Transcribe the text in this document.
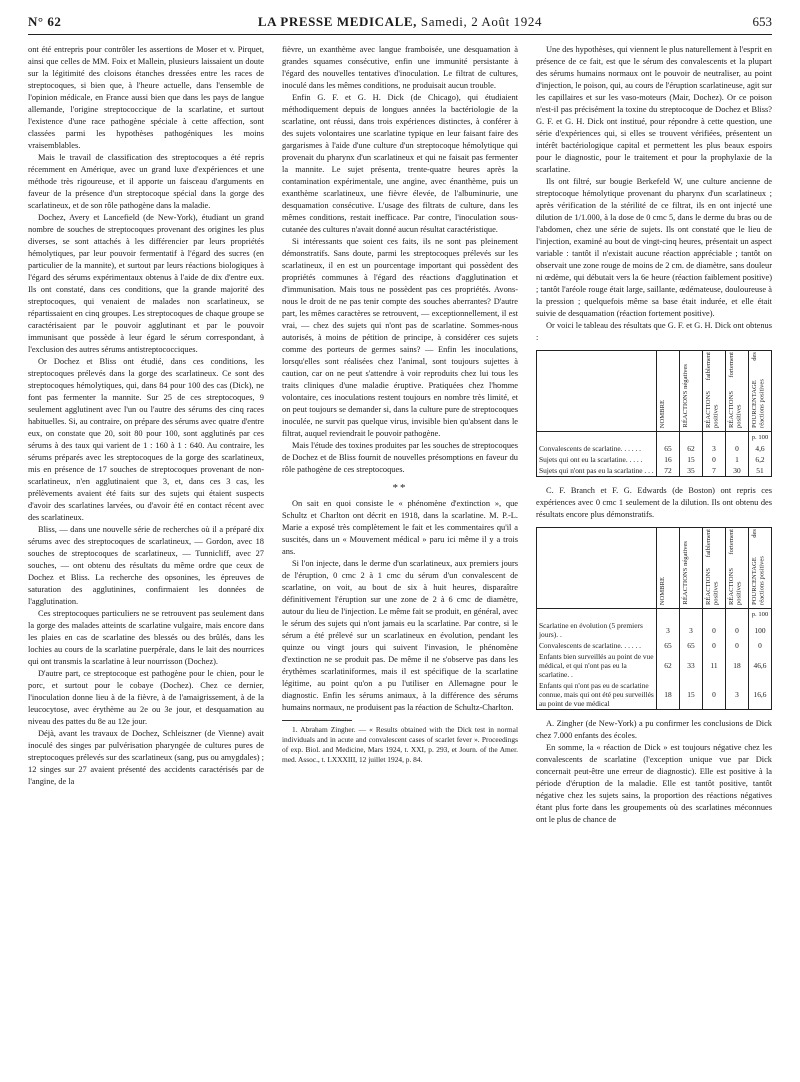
N° 62	LA PRESSE MEDICALE, Samedi, 2 Août 1924	653

ont été entrepris pour contrôler les assertions de Moser et v. Pirquet, ainsi que celles de MM. Foix et Mallein, plusieurs laissaient un doute sur la légitimité des cloisons étanches dressées entre les races de streptocoques, si bien que, à l'heure actuelle, dans l'ensemble de l'opinion médicale, en France aussi bien que dans les pays de langue allemande, l'origine streptococcique de la scarlatine, et surtout l'existence d'une race pathogène spéciale à cette affection, sont classées parmi les hypothèses pathogéniques les moins vraisemblables.

Mais le travail de classification des streptocoques a été repris récemment en Amérique, avec un grand luxe d'expériences et une méthode très rigoureuse, et il apporte un faisceau d'arguments en faveur de la présence d'un streptocoque spécial dans la gorge des scarlatineux, et de son rôle pathogène dans la maladie.

Dochez, Avery et Lancefield (de New-York), étudiant un grand nombre de souches de streptocoques provenant des origines les plus diverses, se sont attachés à les différencier par leurs propriétés hémolytiques, par leur pouvoir fermentatif à l'égard des sucres (en particulier de la mannite), et surtout par leurs réactions biologiques à l'égard des sérums expérimentaux obtenus à l'aide de dix d'entre eux. Ils ont constaté, dans ces conditions, que la grande majorité des streptocoques, qui venaient de malades non scarlatineux, se répartissaient en cinq groupes. Les streptocoques de chaque groupe se caractérisaient par le pouvoir agglutinant et par le pouvoir immunisant que possède à leur égard le sérum correspondant, à l'exclusion des autres sérums antistreptococciques.

Or Dochez et Bliss ont étudié, dans ces conditions, les streptocoques prélevés dans la gorge des scarlatineux. Ce sont des streptocoques hémolytiques, qui, dans 84 pour 100 des cas (Dick), ne font pas fermenter la mannite. Sur 25 de ces streptocoques, 9 seulement agglutinent avec l'un ou l'autre des sérums des cinq races habituelles. Si, au contraire, on prépare des sérums avec quatre d'entre eux, on constate que 20, soit 80 pour 100, sont agglutinés par ces sérums à des taux qui varient de 1 : 160 à 1 : 640. Au contraire, les sérums préparés avec les streptocoques de la gorge des scarlatineux, mis en présence de 17 souches de streptocoques provenant de non-scarlatineux, n'en agglutinaient que 3, et, dans ces 3 cas, les prélèvements avaient été faits sur des sujets qui étaient suspects d'avoir des scarlatines larvées, ou d'avoir été en contact récent avec des scarlatineux.

Bliss, — dans une nouvelle série de recherches où il a préparé dix sérums avec des streptocoques de scarlatineux, — Gordon, avec 18 souches de streptocoques de scarlatineux, — Tunnicliff, avec 27 souches, — ont obtenu des résultats du même ordre que ceux de Dochez et Bliss. La recherche des opsonines, les épreuves de saturation des agglutinines, confirmaient les données de l'agglutination.

Ces streptocoques particuliers ne se retrouvent pas seulement dans la gorge des malades atteints de scarlatine vulgaire, mais encore dans les plaies en cas de scarlatine des blessés ou des brûlés, dans les lochies au cours de la scarlatine puerpérale, dans le lait des nourrices qui ont transmis la scarlatine à leur nourrisson (Dochez).

D'autre part, ce streptocoque est pathogène pour le chien, pour le porc, et surtout pour le cobaye (Dochez). Chez ce dernier, l'inoculation donne lieu à de la fièvre, à de l'amaigrissement, à de la leucocytose, avec érythème au 2e ou 3e jour, et desquamation au niveau des pattes du 8e au 12e jour.

Déjà, avant les travaux de Dochez, Schleiszner (de Vienne) avait inoculé des singes par pulvérisation pharyngée de cultures pures de streptocoques prélevés sur des scarlatineux (sang, pus ou amygdales) ; 12 singes sur 27 avaient présenté des accidents caractérisés par de l'angine, de la

fièvre, un exanthème avec langue framboisée, une desquamation à grandes squames consécutive, enfin une immunité persistante à l'égard des nouvelles tentatives d'inoculation. Le filtrat de cultures, inoculé dans les mêmes conditions, ne produisait aucun trouble.

Enfin G. F. et G. H. Dick (de Chicago), qui étudiaient méthodiquement depuis de longues années la bactériologie de la scarlatine, ont réussi, dans trois expériences distinctes, à conférer à des sujets volontaires une scarlatine typique en leur faisant faire des gargarismes à l'aide d'une culture d'un streptocoque hémolytique qui provenait du pharynx d'un scarlatineux et qui ne faisait pas fermenter la mannite. Le sujet présenta, trente-quatre heures après la contamination expérimentale, une angine, avec énanthème, puis un exanthème scarlatineux, une fièvre élevée, de l'albuminurie, une desquamation consécutive. L'usage des filtrats de culture, dans les mêmes conditions, restait inefficace. Par contre, l'inoculation sous-cutanée des cultures n'avait donné aucun résultat caractéristique.

Si intéressants que soient ces faits, ils ne sont pas pleinement démonstratifs. Sans doute, parmi les streptocoques prélevés sur les scarlatineux, il en est un pourcentage important qui possèdent des propriétés communes à l'égard des réactions d'agglutination et d'immunisation. Mais tous ne possèdent pas ces propriétés. Avons-nous le droit de ne pas tenir compte des souches aberrantes? D'autre part, les mêmes caractères se retrouvent, — exceptionnellement, il est vrai, — chez des sujets qui n'ont pas de scarlatine. Sommes-nous autorisés, à moins de pétition de principe, à considérer ces sujets comme des porteurs de germes sains? — Enfin les inoculations, lorsqu'elles sont réalisées chez l'animal, sont toujours sujettes à caution, car on ne peut s'attendre à voir reproduits chez lui tous les traits cliniques d'une maladie éruptive. Pratiquées chez l'homme volontaire, ces inoculations restent toujours en nombre très limité, et on peut toujours se demander si, dans la culture pure de streptocoques inoculée, ne survit pas quelque virus, invisible bien qu'absent dans le filtrat, auquel reviendrait le pouvoir pathogène.

Mais l'étude des toxines produites par les souches de streptocoques de Dochez et de Bliss fournit de nouvelles présomptions en faveur du rôle pathogène de ces streptocoques.

**

On sait en quoi consiste le « phénomène d'extinction », que Schultz et Charlton ont décrit en 1918, dans la scarlatine. M. P.-L. Marie a exposé très complètement le fait et les commentaires qu'il a suscités, dans un « Mouvement médical » paru ici même il y a trois ans.

Si l'on injecte, dans le derme d'un scarlatineux, aux premiers jours de l'éruption, 0 cmc 2 à 1 cmc du sérum d'un convalescent de scarlatine, on voit, au bout de six à huit heures, disparaître définitivement l'éruption sur une zone de 2 à 6 cmc de diamètre, autour du lieu de l'injection. Le même fait se produit, en général, avec le sérum des sujets qui n'ont jamais eu la scarlatine. Par contre, si le sérum a été prélevé sur un scarlatineux en évolution, pendant les quinze ou vingt jours qui suivent l'invasion, le phénomène d'extinction ne se produit pas. De même il ne s'observe pas dans les érythèmes scarlatiniformes, mais il est spécifique de la scarlatine légitime, au point qu'on a pu l'utiliser en Allemagne pour le diagnostic. Enfin les sérums animaux, à la différence des sérums humains normaux, ne produisent pas la réaction de Schultz-Charlton.

1. Abraham Zingher. — « Results obtained with the Dick test in normal individuals and in acute and convalescent cases of scarlet fever ». Proceedings of exp. Biol. and Medicine, Mars 1924, t. XXI, p. 293, et Journ. of the Amer. med. Assoc., t. LXXXIII, 12 juillet 1924, p. 84.

Une des hypothèses, qui viennent le plus naturellement à l'esprit en présence de ce fait, est que le sérum des convalescents et la plupart des sérums humains normaux ont le pouvoir de neutraliser, au point d'injection, le poison, qui, au cours de l'éruption scarlatineuse, agit sur les capillaires et sur les vaso-moteurs (Mair, Dochez). Or ce poison n'est-il pas précisément la toxine du streptocoque de Dochez et Bliss? G. F. et G. H. Dick ont institué, pour répondre à cette question, une série d'expériences qui, si elles se trouvent vérifiées, présentent un intérêt bactériologique capital et permettent les plus beaux espoirs pour le diagnostic, pour le traitement et pour la prophylaxie de la scarlatine.

Ils ont filtré, sur bougie Berkefeld W, une culture ancienne de streptocoque hémolytique provenant du pharynx d'un scarlatineux ; après vérification de la stérilité de ce filtrat, ils en ont injecté une dilution de 1/1.000, à la dose de 0 cmc 5, dans le derme du bras ou de l'abdomen, chez une série de sujets. Ils ont constaté que le lieu de l'injection, examiné au bout de vingt-cinq heures, présentait un aspect variable : tantôt il n'existait aucune réaction appréciable ; tantôt on observait une zone rouge de moins de 2 cm. de diamètre, sans douleur ni œdème, qui débutait vers la 6e heure (réaction faiblement positive) ; tantôt l'aréole rouge était large, saillante, œdémateuse, douloureuse à la pression ; quelquefois même sa base était indurée, et elle était suivie de desquamation (réaction fortement positive).

Or voici le tableau des résultats que G. F. et G. H. Dick ont obtenus :

	NOMBRE	RÉACTIONS négatives	RÉACTIONS faiblement positives	RÉACTIONS fortement positives	POURCENTAGE des réactions positives
					p. 100
Convalescents de scarlatine. . . . . .	65	62	3	0	4,6
Sujets qui ont eu la scarlatine. . . . .	16	15	0	1	6,2
Sujets qui n'ont pas eu la scarlatine . . .	72	35	7	30	51

C. F. Branch et F. G. Edwards (de Boston) ont repris ces expériences avec 0 cmc 1 seulement de la dilution. Ils ont obtenu des résultats encore plus démonstratifs.

	NOMBRE	RÉACTIONS négatives	RÉACTIONS faiblement positives	RÉACTIONS fortement positives	POURCENTAGE des réactions positives
					p. 100
Scarlatine en évolution (5 premiers jours). .	3	3	0	0	100
Convalescents de scarlatine. . . . . .	65	65	0	0	0
Enfants bien surveillés au point de vue médical, et qui n'ont pas eu la scarlatine. .	62	33	11	18	46,6
Enfants qui n'ont pas eu de scarlatine connue, mais qui ont été peu surveillés au point de vue médical	18	15	0	3	16,6

A. Zingher (de New-York) a pu confirmer les conclusions de Dick chez 7.000 enfants des écoles.

En somme, la « réaction de Dick » est toujours négative chez les convalescents de scarlatine (l'exception unique vue par Dick concernait peut-être une erreur de diagnostic). Elle est positive à la période d'éruption de la maladie. Elle est tantôt positive, tantôt négative chez les sujets sains, la proportion des réactions négatives étant plus forte dans les groupements où des scarlatines méconnues ont le plus de chance de
